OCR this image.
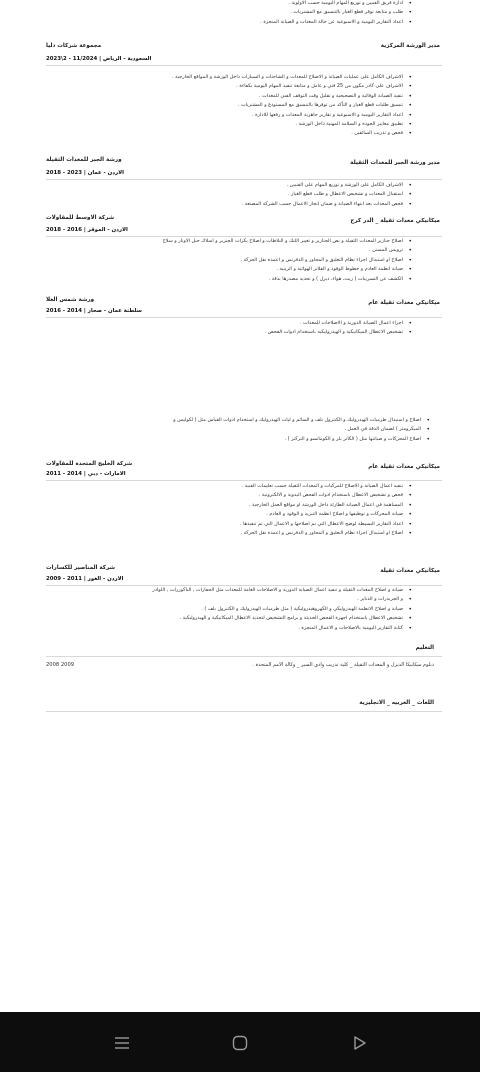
• ادارة فريق الفنيين و توزيع المهام اليومية حسب الاولوية .
• طلب و متابعة توفر قطع الغيار بالتنسيق مع المشتريات .
• اعداد التقارير اليومية و الاسبوعية عن حالة المعدات و الصيانة المنجزة .
مدير الورشة المركزية
مجموعة شركات دليا
السعودية - الرياض | 11/2024 - 2\2023
• الاشراف الكامل على عمليات الصيانة و الاصلاح للمعدات و الشاحنات و السيارات داخل الورشة و المواقع الخارجية .
• الاشراف على كادر مكون من 25 فني و عامل و متابعة تنفيذ المهام اليومية بكفاءة .
• تنفيذ الصيانة الوقائية و التصحيحية و تقليل وقت التوقف الفني للمعدات .
• تنسيق طلبات قطع الغيار و التأكد من توفرها بالتنسيق مع المستودع و المشتريات .
• اعداد التقارير اليومية و الاسبوعية و تقارير جاهزية المعدات و رفعها للادارة .
• تطبيق معايير الجودة و السلامة المهنية داخل الورشة .
• فحص و تدريب السائقين .
مدير ورشة الجبر للمعدات الثقيلة
ورشة الجبر للمعدات الثقيلة
الاردن - عمان | 2023 - 2018
• الاشراف الكامل على الورشة و توزيع المهام على الفنيين .
• استقبال المعدات و تشخيص الاعطال و طلب قطع الغيار .
• فحص المعدات بعد انتهاء الصيانة و ضمان انجاز الاعمال حسب الشركة المصنعة .
ميكانيكي معدات ثقيلة _ الدر كرج
شركة الاوسط للمقاولات
الاردن - الموقر | 2016 - 2018
• اصلاح جنازير المعدات الثقيلة و نص الجنازير و تغيير اللنك و البلاطات و اصلاح بكرات الجنزير و اسلاك حبل الاونار و سلاح
• ترويس المسنن .
• اصلاح او استبدال اجزاء نظام التعليق و المحاور و الدفرنس و اعمدة نقل الحركة .
• صيانة انظمة العادم و خطوط الوقود و الفلاتر الهوائية و الزيتية .
• الكشف عن التسريبات ( زيت، هواء، ديزل ) و تحديد مصدرها بدقة .
ميكانيكي معدات ثقيلة عام
ورشة شمس الغلا
سلطنة عمان - صحار | 2014 - 2016
• اجراء اعمال الصيانة الدورية و الاصلاحات للمعدات .
• تشخيص الاعطال الميكانيكية و الهيدروليكية باستخدام ادوات الفحص .
• اصلاح و استبدال طرمبات الهيدروليك و الكنترول بلف و السائم و ليات الهيدروليك و استخدام ادوات القياس مثل ( لكوليس و
• الميكرومتر ) لضمان الدقة في العمل .
• اصلاح المحركات و صيانتها مثل ( الكاتر بلر و الكوماتسو و البركنز ) .
ميكانيكي معدات ثقيلة عام
شركة الخليج المتحدة للمقاولات
الامارات - دبي | 2014 - 2011
• تنفيذ اعمال الصيانة و الاصلاح للمركبات و المعدات الثقيلة حسب تعليمات الفنية .
• فحص و تشخيص الاعطال باستخدام ادوات الفحص اليدوية و الالكترونية .
• المساهمة في اعمال الصيانة الطارئة داخل الورشة او مواقع العمل الخارجية .
• صيانة المحركات و توظيفها و اصلاح انظمة التبريد و الوقود و العادم .
• اعداد التقارير البسيطة لوضح الاعطال التي تم اصلاحها و الاعمال التي تم تنفيذها .
• اصلاح او استبدال اجزاء نظام التعليق و المحاور و الدفرنس و اعمدة نقل الحركة .
ميكانيكي معدات ثقيلة
شركة المناصير للكسارات
الاردن - الغور | 2011 - 2009
• صيانة و اصلاح المعدات الثقيلة و تنفيذ اعمال الصيانة الدورية و الاصلاحات العامة للمعدات مثل الحفارات , الباكوزرات , اللوادر
• و الجريدرات و الدنابر .
• صيانة و اصلاح الانظمة الهيدروليكي و الكهروهيدروليكية ( مثل طرمبات الهيدروليك و الكنترول بلف ) .
• تشخيص الاعطال باستخدام اجهزة الفحص الحديثة و برامج التشخيص لتحديد الاعطال الميكانيكية و الهيدروليكية .
• كتابة التقارير اليومية بالاصلاحات و الاعمال المنجزة .
التعليم
دبلوم ميكانيكا الديزل و المعدات الثقيلة _ كلية تدريب وادي السير _ وكالة الامم المتحدة .
2008 2009
اللغات _ العربيه _ الانجليزية
